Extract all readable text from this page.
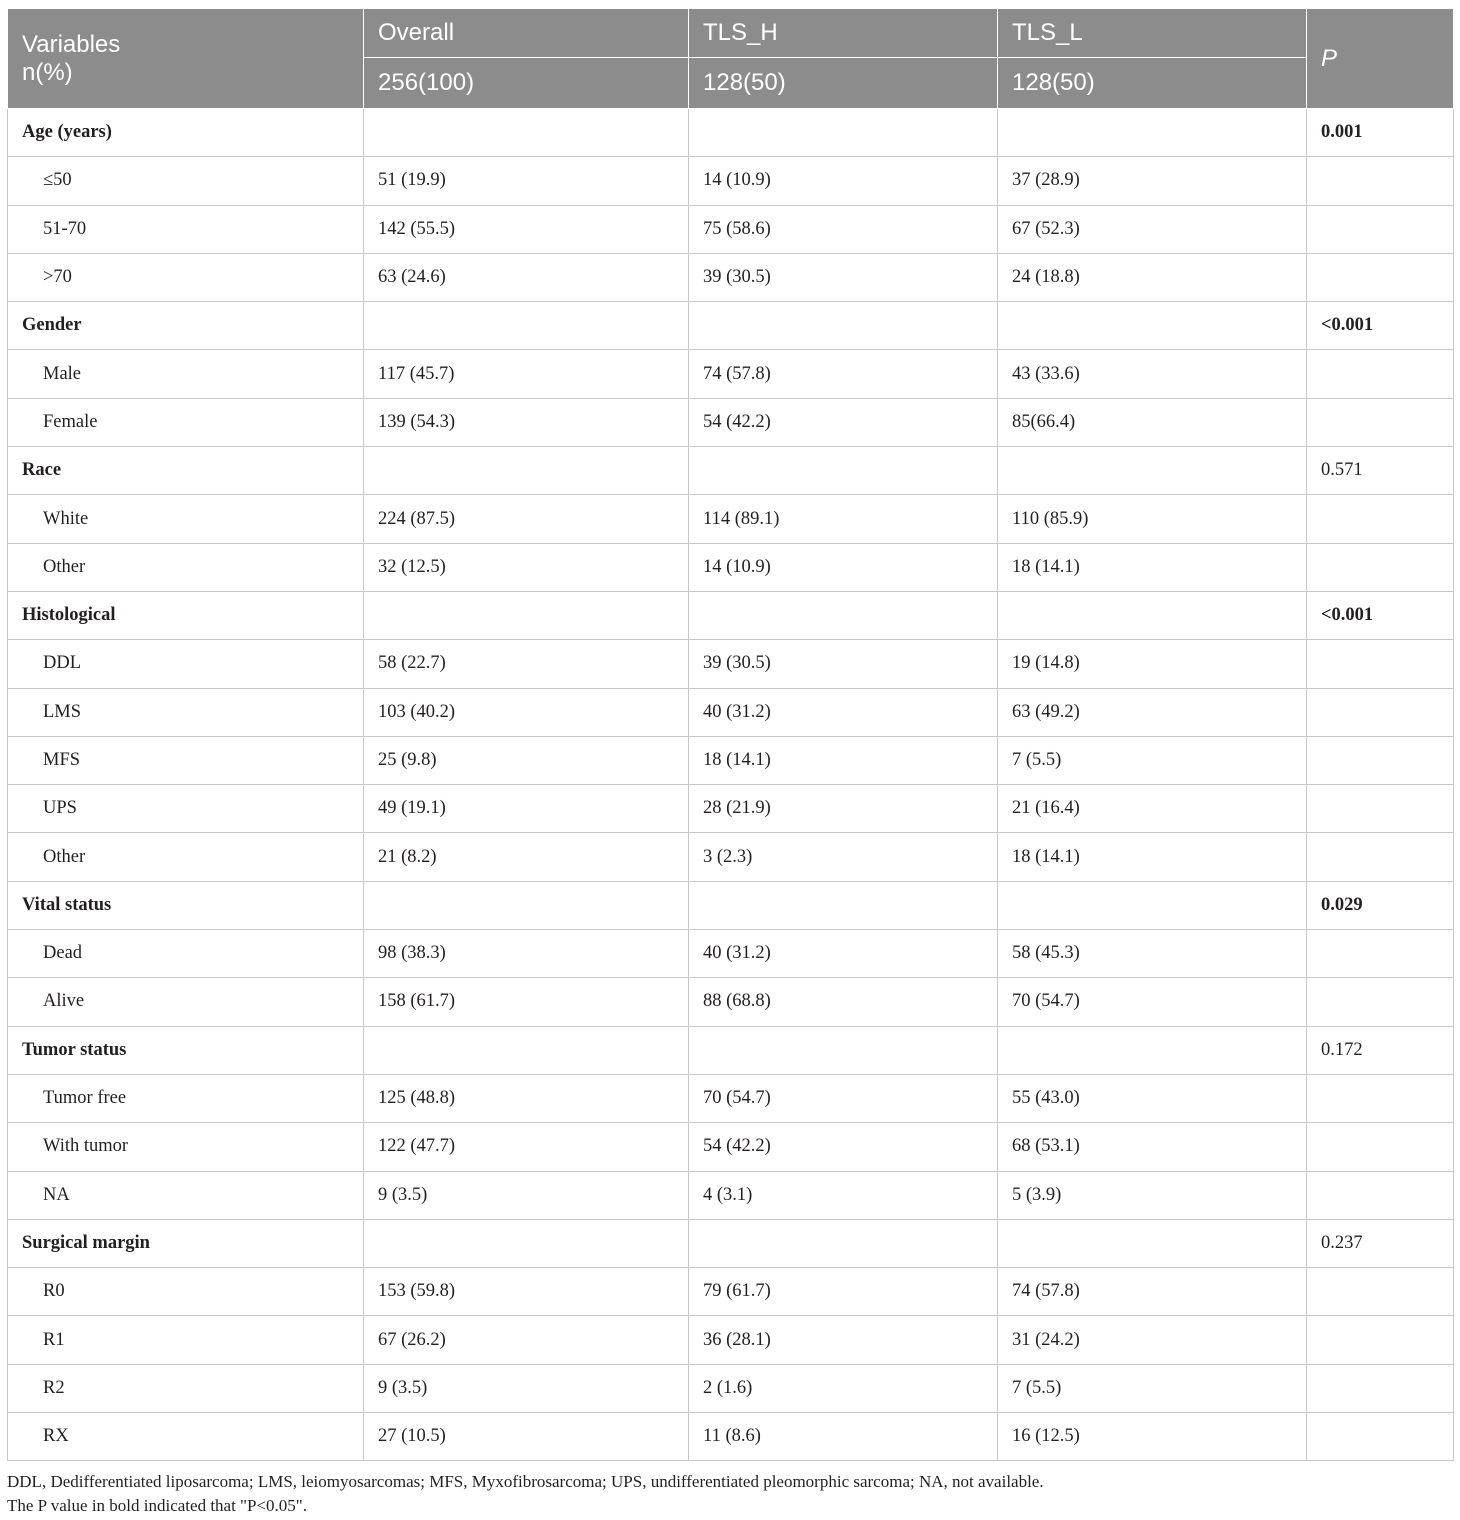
Variables
n(%)	Overall	TLS_H	TLS_L	P
	256(100)	128(50)	128(50)	
Age (years)				0.001
≤50	51 (19.9)	14 (10.9)	37 (28.9)	
51-70	142 (55.5)	75 (58.6)	67 (52.3)	
>70	63 (24.6)	39 (30.5)	24 (18.8)	
Gender				<0.001
Male	117 (45.7)	74 (57.8)	43 (33.6)	
Female	139 (54.3)	54 (42.2)	85(66.4)	
Race				0.571
White	224 (87.5)	114 (89.1)	110 (85.9)	
Other	32 (12.5)	14 (10.9)	18 (14.1)	
Histological				<0.001
DDL	58 (22.7)	39 (30.5)	19 (14.8)	
LMS	103 (40.2)	40 (31.2)	63 (49.2)	
MFS	25 (9.8)	18 (14.1)	7 (5.5)	
UPS	49 (19.1)	28 (21.9)	21 (16.4)	
Other	21 (8.2)	3 (2.3)	18 (14.1)	
Vital status				0.029
Dead	98 (38.3)	40 (31.2)	58 (45.3)	
Alive	158 (61.7)	88 (68.8)	70 (54.7)	
Tumor status				0.172
Tumor free	125 (48.8)	70 (54.7)	55 (43.0)	
With tumor	122 (47.7)	54 (42.2)	68 (53.1)	
NA	9 (3.5)	4 (3.1)	5 (3.9)	
Surgical margin				0.237
R0	153 (59.8)	79 (61.7)	74 (57.8)	
R1	67 (26.2)	36 (28.1)	31 (24.2)	
R2	9 (3.5)	2 (1.6)	7 (5.5)	
RX	27 (10.5)	11 (8.6)	16 (12.5)	
DDL, Dedifferentiated liposarcoma; LMS, leiomyosarcomas; MFS, Myxofibrosarcoma; UPS, undifferentiated pleomorphic sarcoma; NA, not available.
The P value in bold indicated that "P<0.05".
